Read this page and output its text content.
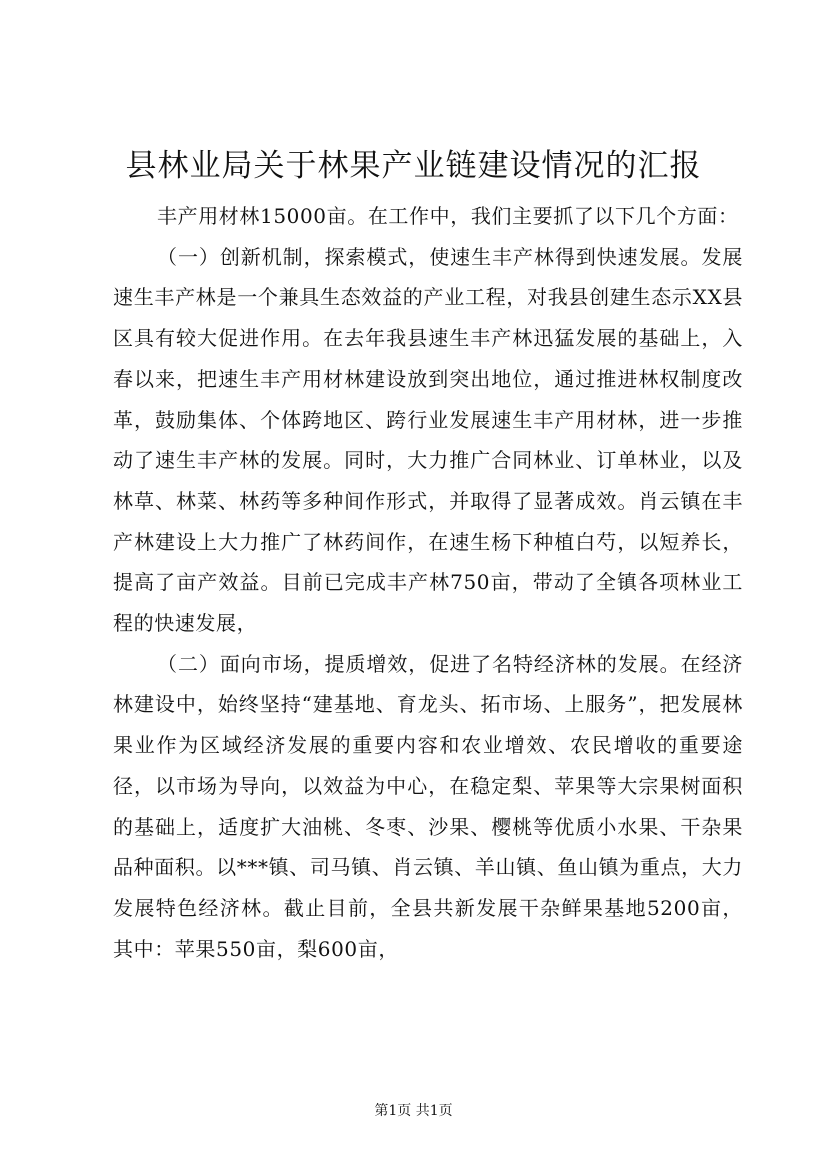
县林业局关于林果产业链建设情况的汇报

丰产用材林15000亩。在工作中，我们主要抓了以下几个方面：

（一）创新机制，探索模式，使速生丰产林得到快速发展。发展速生丰产林是一个兼具生态效益的产业工程，对我县创建生态示XX县区具有较大促进作用。在去年我县速生丰产林迅猛发展的基础上，入春以来，把速生丰产用材林建设放到突出地位，通过推进林权制度改革，鼓励集体、个体跨地区、跨行业发展速生丰产用材林，进一步推动了速生丰产林的发展。同时，大力推广合同林业、订单林业，以及林草、林菜、林药等多种间作形式，并取得了显著成效。肖云镇在丰产林建设上大力推广了林药间作，在速生杨下种植白芍，以短养长，提高了亩产效益。目前已完成丰产林750亩，带动了全镇各项林业工程的快速发展，

（二）面向市场，提质增效，促进了名特经济林的发展。在经济林建设中，始终坚持“建基地、育龙头、拓市场、上服务”，把发展林果业作为区域经济发展的重要内容和农业增效、农民增收的重要途径，以市场为导向，以效益为中心，在稳定梨、苹果等大宗果树面积的基础上，适度扩大油桃、冬枣、沙果、樱桃等优质小水果、干杂果品种面积。以***镇、司马镇、肖云镇、羊山镇、鱼山镇为重点，大力发展特色经济林。截止目前，全县共新发展干杂鲜果基地5200亩，其中：苹果550亩，梨600亩，

第1页 共1页
